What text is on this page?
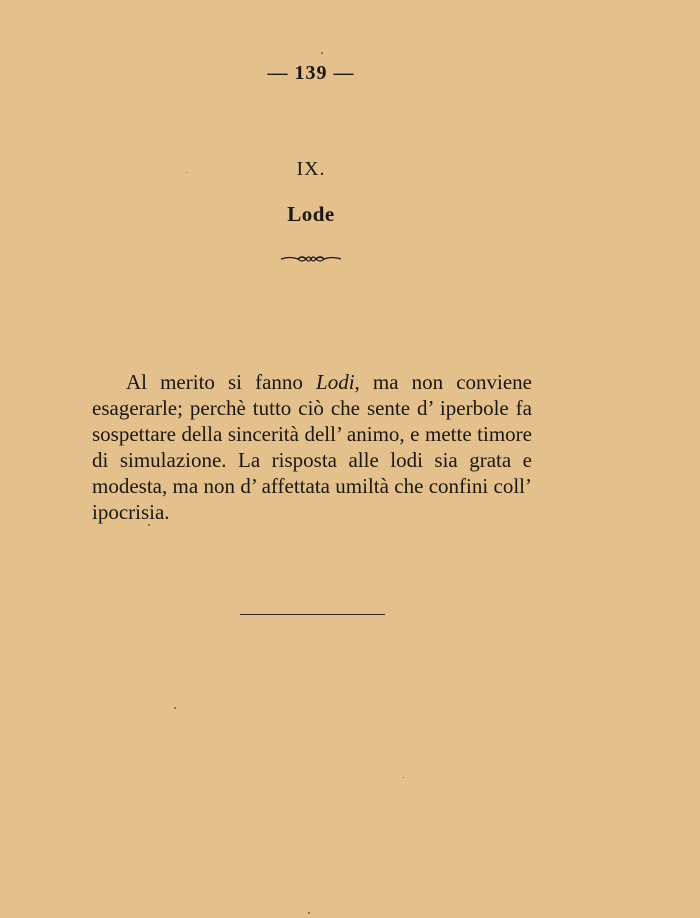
— 139 —
IX.
Lode

Al merito si fanno Lodi, ma non conviene esagerarle; perchè tutto ciò che sente d’ iperbole fa sospettare della sincerità dell’ animo, e mette timore di simulazione. La risposta alle lodi sia grata e modesta, ma non d’ affettata umiltà che confini coll’ ipocrisia.
